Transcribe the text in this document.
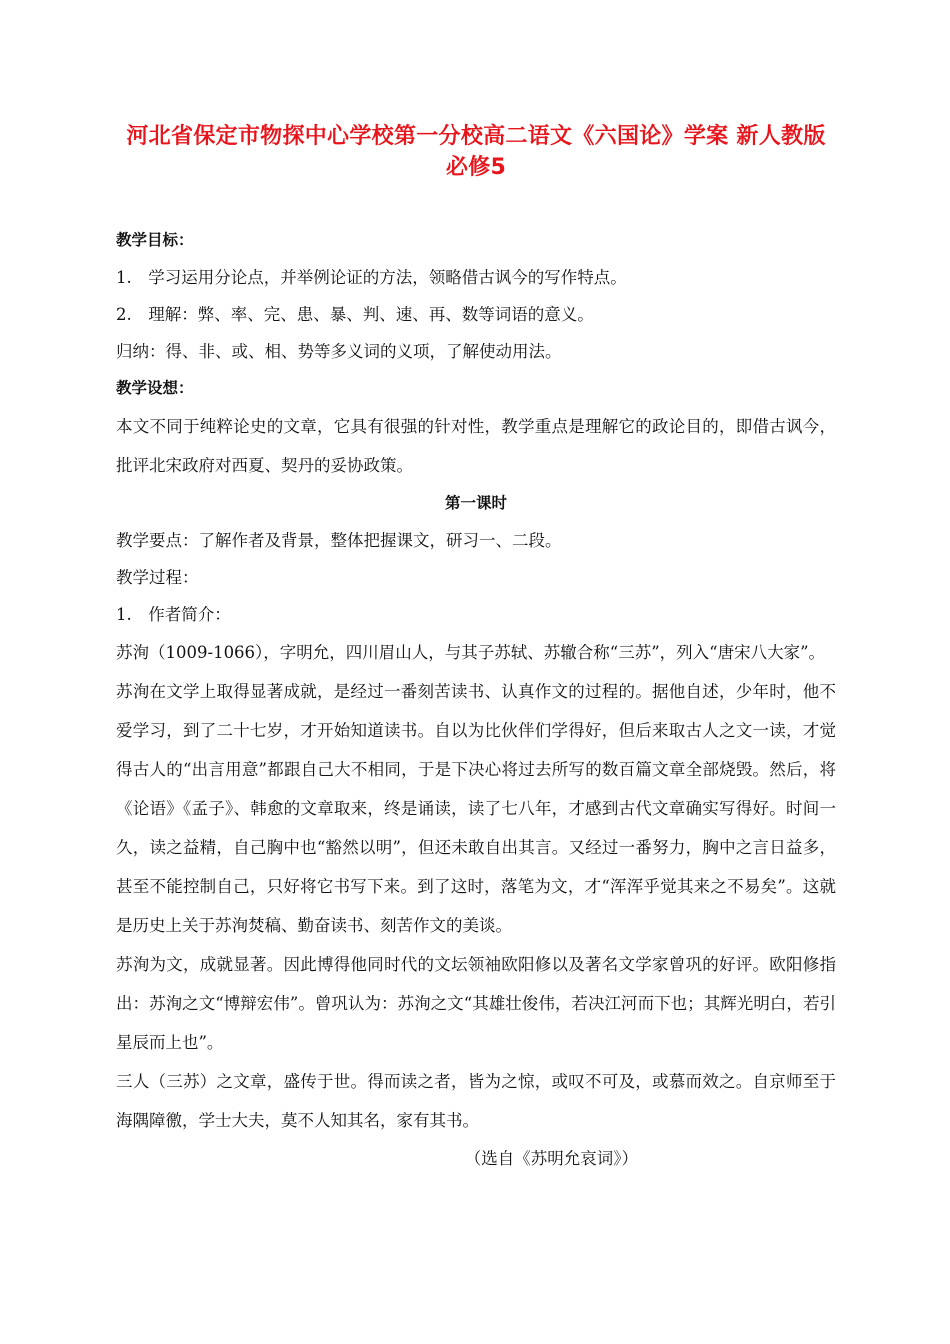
河北省保定市物探中心学校第一分校高二语文《六国论》学案 新人教版
必修5

教学目标：

1.　学习运用分论点，并举例论证的方法，领略借古讽今的写作特点。

2.　理解：弊、率、完、患、暴、判、速、再、数等词语的意义。

归纳：得、非、或、相、势等多义词的义项，了解使动用法。

教学设想：

本文不同于纯粹论史的文章，它具有很强的针对性，教学重点是理解它的政论目的，即借古讽今，批评北宋政府对西夏、契丹的妥协政策。

第一课时

教学要点：了解作者及背景，整体把握课文，研习一、二段。

教学过程：

1.　作者简介：

苏洵（1009-1066），字明允，四川眉山人，与其子苏轼、苏辙合称“三苏”，列入“唐宋八大家”。

苏洵在文学上取得显著成就，是经过一番刻苦读书、认真作文的过程的。据他自述，少年时，他不爱学习，到了二十七岁，才开始知道读书。自以为比伙伴们学得好，但后来取古人之文一读，才觉得古人的“出言用意”都跟自己大不相同，于是下决心将过去所写的数百篇文章全部烧毁。然后，将《论语》《孟子》、韩愈的文章取来，终是诵读，读了七八年，才感到古代文章确实写得好。时间一久，读之益精，自己胸中也“豁然以明”，但还未敢自出其言。又经过一番努力，胸中之言日益多，甚至不能控制自己，只好将它书写下来。到了这时，落笔为文，才“浑浑乎觉其来之不易矣”。这就是历史上关于苏洵焚稿、勤奋读书、刻苦作文的美谈。

苏洵为文，成就显著。因此博得他同时代的文坛领袖欧阳修以及著名文学家曾巩的好评。欧阳修指出：苏洵之文“博辩宏伟”。曾巩认为：苏洵之文“其雄壮俊伟，若决江河而下也；其辉光明白，若引星辰而上也”。

三人（三苏）之文章，盛传于世。得而读之者，皆为之惊，或叹不可及，或慕而效之。自京师至于海隅障徼，学士大夫，莫不人知其名，家有其书。

（选自《苏明允哀词》）
